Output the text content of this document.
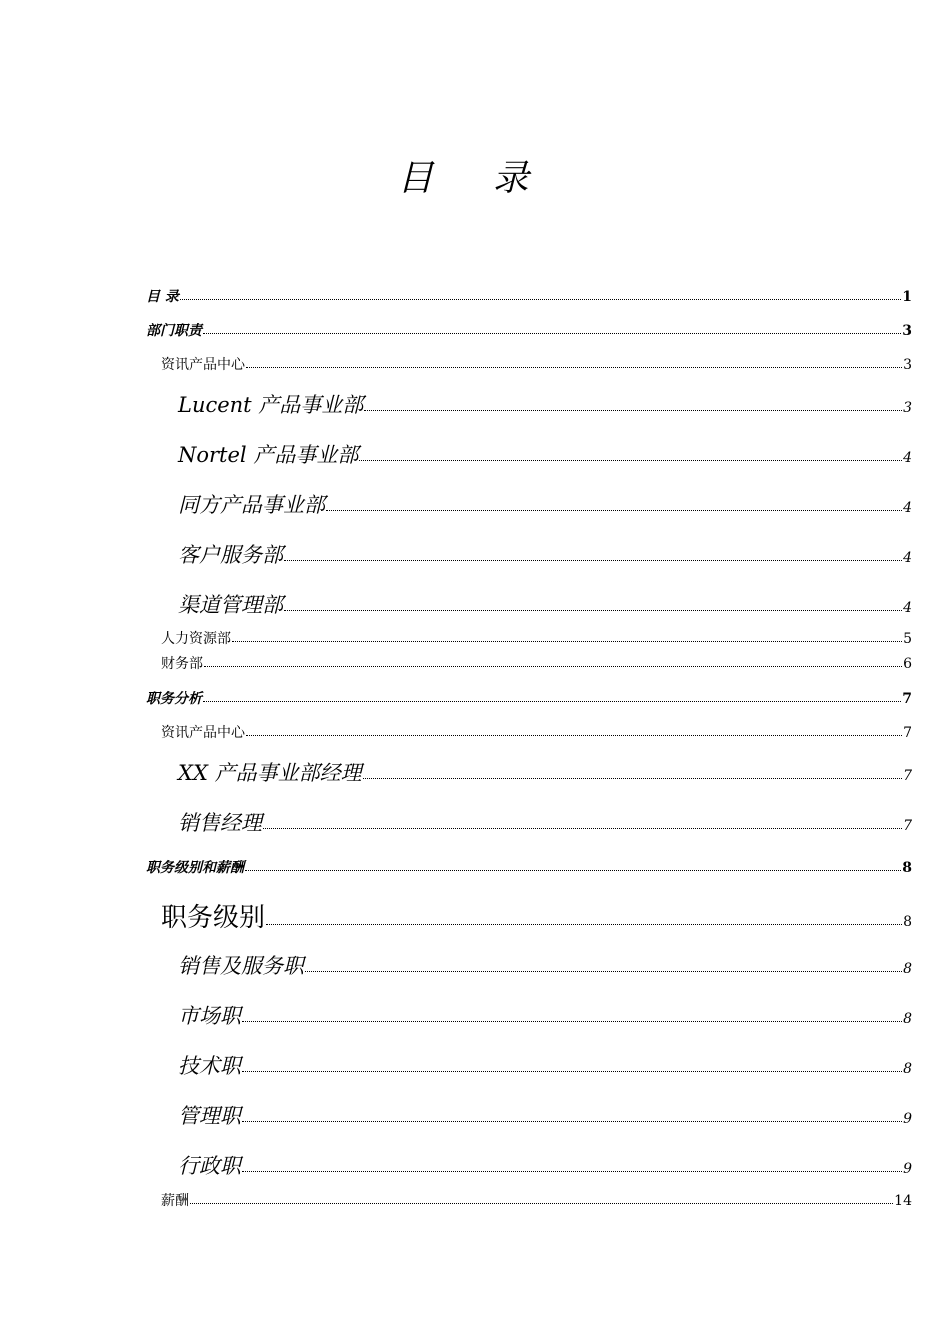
目 录
目 录	1
部门职责	3
资讯产品中心	3
Lucent 产品事业部	3
Nortel 产品事业部	4
同方产品事业部	4
客户服务部	4
渠道管理部	4
人力资源部	5
财务部	6
职务分析	7
资讯产品中心	7
XX 产品事业部经理	7
销售经理	7
职务级别和薪酬	8
职务级别	8
销售及服务职	8
市场职	8
技术职	8
管理职	9
行政职	9
薪酬	14
